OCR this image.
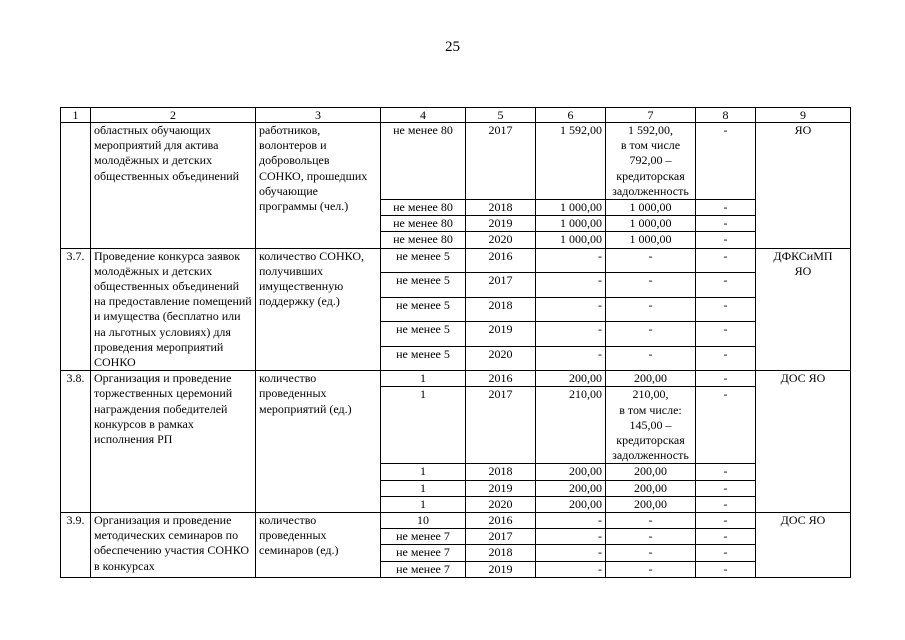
25
1	2	3	4	5	6	7	8	9
	областных обучающих мероприятий для актива молодёжных и детских общественных объединений	работников, волонтеров и добровольцев СОНКО, прошедших обучающие программы (чел.)	не менее 80	2017	1 592,00	1 592,00,
в том числе
792,00 –
кредиторская
задолженность	-	ЯО
			не менее 80	2018	1 000,00	1 000,00	-	
			не менее 80	2019	1 000,00	1 000,00	-	
			не менее 80	2020	1 000,00	1 000,00	-	
3.7.	Проведение конкурса заявок молодёжных и детских общественных объединений на предоставление помещений и имущества (бесплатно или на льготных условиях) для проведения мероприятий СОНКО	количество СОНКО, получивших имущественную поддержку (ед.)	не менее 5	2016	-	-	-	ДФКСиМП
ЯО
			не менее 5	2017	-	-	-	
			не менее 5	2018	-	-	-	
			не менее 5	2019	-	-	-	
			не менее 5	2020	-	-	-	
3.8.	Организация и проведение торжественных церемоний награждения победителей конкурсов в рамках исполнения РП	количество проведенных мероприятий (ед.)	1	2016	200,00	200,00	-	ДОС ЯО
			1	2017	210,00	210,00,
в том числе:
145,00 –
кредиторская
задолженность	-	
			1	2018	200,00	200,00	-	
			1	2019	200,00	200,00	-	
			1	2020	200,00	200,00	-	
3.9.	Организация и проведение методических семинаров по обеспечению участия СОНКО в конкурсах	количество проведенных семинаров (ед.)	10	2016	-	-	-	ДОС ЯО
			не менее 7	2017	-	-	-	
			не менее 7	2018	-	-	-	
			не менее 7	2019	-	-	-	
